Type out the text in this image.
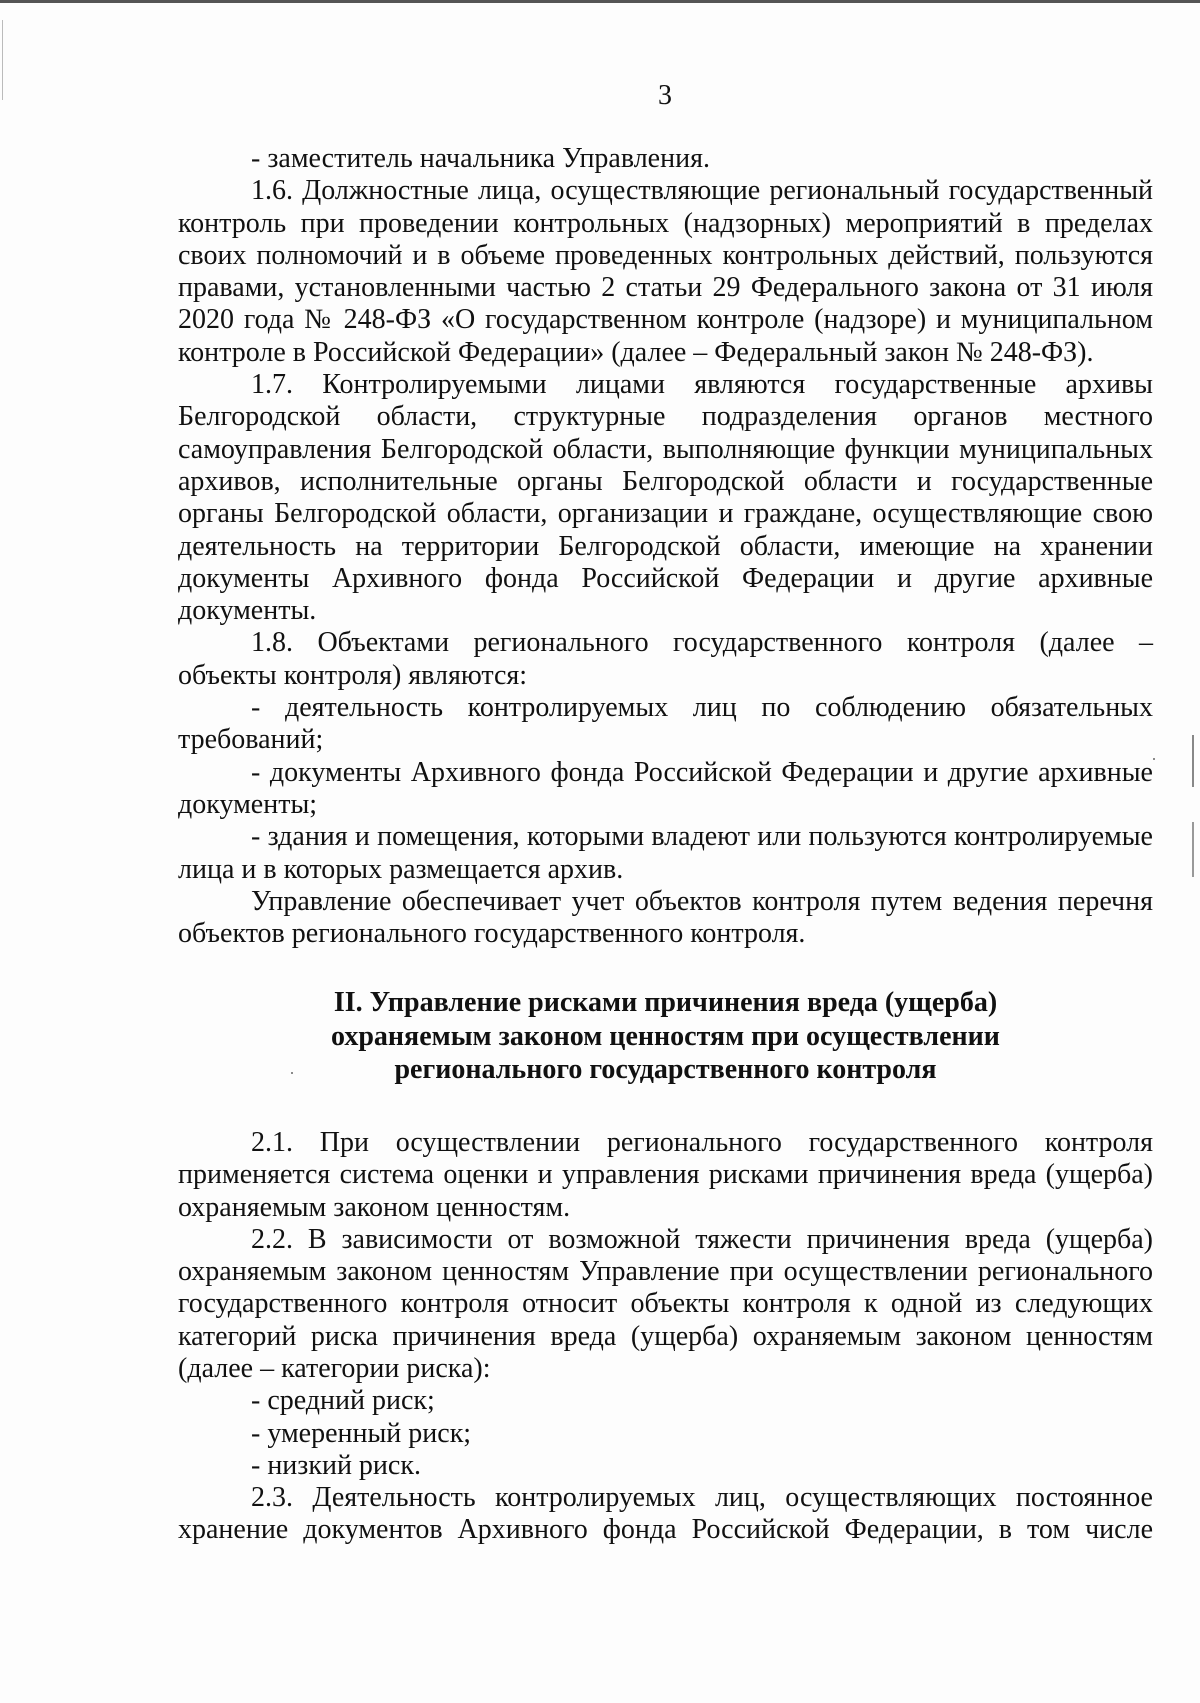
3

- заместитель начальника Управления.

1.6. Должностные лица, осуществляющие региональный государственный контроль при проведении контрольных (надзорных) мероприятий в пределах своих полномочий и в объеме проведенных контрольных действий, пользуются правами, установленными частью 2 статьи 29 Федерального закона от 31 июля 2020 года № 248-ФЗ «О государственном контроле (надзоре) и муниципальном контроле в Российской Федерации» (далее – Федеральный закон № 248-ФЗ).

1.7. Контролируемыми лицами являются государственные архивы Белгородской области, структурные подразделения органов местного самоуправления Белгородской области, выполняющие функции муниципальных архивов, исполнительные органы Белгородской области и государственные органы Белгородской области, организации и граждане, осуществляющие свою деятельность на территории Белгородской области, имеющие на хранении документы Архивного фонда Российской Федерации и другие архивные документы.

1.8. Объектами регионального государственного контроля (далее – объекты контроля) являются:

- деятельность контролируемых лиц по соблюдению обязательных требований;

- документы Архивного фонда Российской Федерации и другие архивные документы;

- здания и помещения, которыми владеют или пользуются контролируемые лица и в которых размещается архив.

Управление обеспечивает учет объектов контроля путем ведения перечня объектов регионального государственного контроля.

II. Управление рисками причинения вреда (ущерба)
охраняемым законом ценностям при осуществлении
регионального государственного контроля

2.1. При осуществлении регионального государственного контроля применяется система оценки и управления рисками причинения вреда (ущерба) охраняемым законом ценностям.

2.2. В зависимости от возможной тяжести причинения вреда (ущерба) охраняемым законом ценностям Управление при осуществлении регионального государственного контроля относит объекты контроля к одной из следующих категорий риска причинения вреда (ущерба) охраняемым законом ценностям (далее – категории риска):

- средний риск;

- умеренный риск;

- низкий риск.

2.3. Деятельность контролируемых лиц, осуществляющих постоянное хранение документов Архивного фонда Российской Федерации, в том числе
